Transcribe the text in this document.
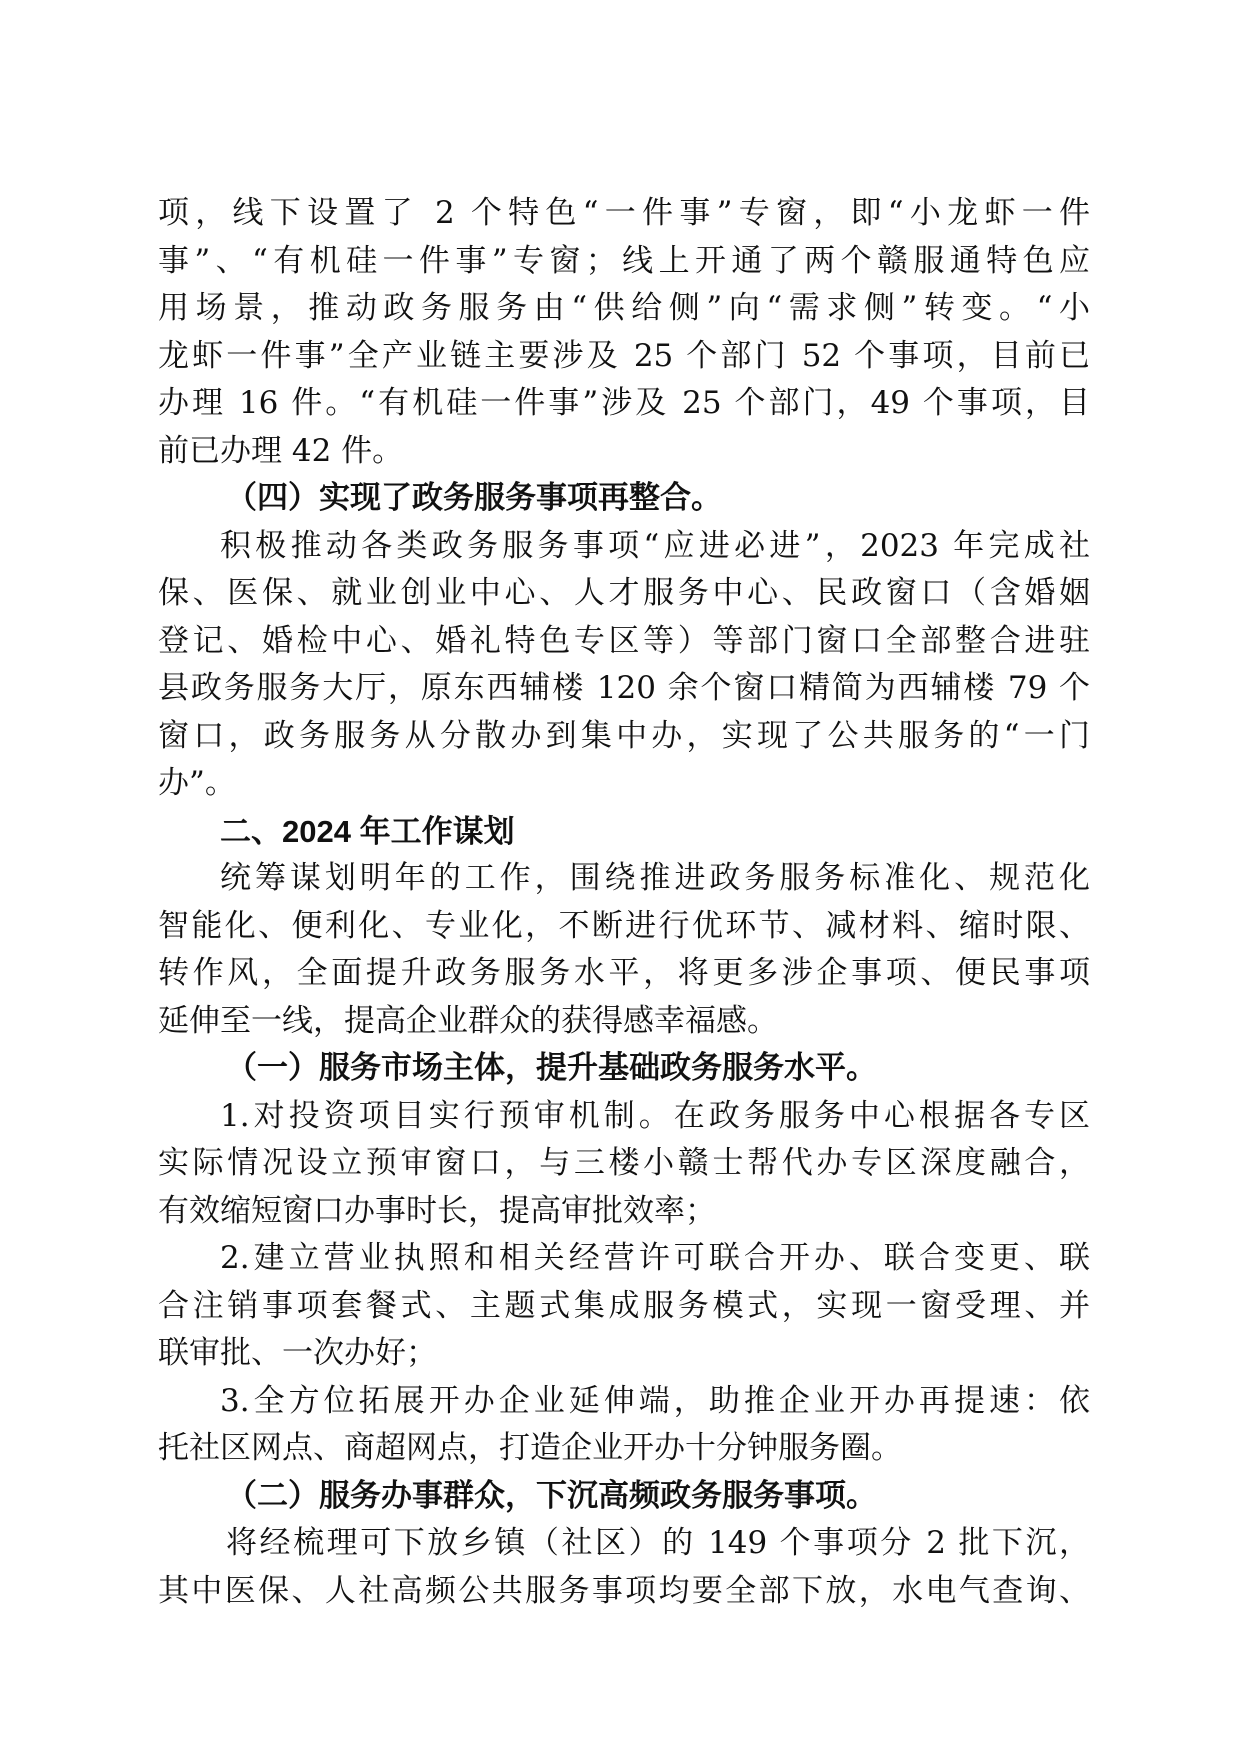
项，线下设置了 2 个特色“一件事”专窗，即“小龙虾一件

事”、“有机硅一件事”专窗；线上开通了两个赣服通特色应

用场景，推动政务服务由“供给侧”向“需求侧”转变。“小

龙虾一件事”全产业链主要涉及 25 个部门 52 个事项，目前已

办理 16 件。“有机硅一件事”涉及 25 个部门，49 个事项，目

前已办理 42 件。

（四）实现了政务服务事项再整合。

积极推动各类政务服务事项“应进必进”，2023 年完成社

保、医保、就业创业中心、人才服务中心、民政窗口（含婚姻

登记、婚检中心、婚礼特色专区等）等部门窗口全部整合进驻

县政务服务大厅，原东西辅楼 120 余个窗口精简为西辅楼 79 个

窗口，政务服务从分散办到集中办，实现了公共服务的“一门

办”。

二、2024 年工作谋划

统筹谋划明年的工作，围绕推进政务服务标准化、规范化

智能化、便利化、专业化，不断进行优环节、减材料、缩时限、

转作风，全面提升政务服务水平，将更多涉企事项、便民事项

延伸至一线，提高企业群众的获得感幸福感。

（一）服务市场主体，提升基础政务服务水平。

1.对投资项目实行预审机制。在政务服务中心根据各专区

实际情况设立预审窗口，与三楼小赣士帮代办专区深度融合，

有效缩短窗口办事时长，提高审批效率；

2.建立营业执照和相关经营许可联合开办、联合变更、联

合注销事项套餐式、主题式集成服务模式，实现一窗受理、并

联审批、一次办好；

3.全方位拓展开办企业延伸端，助推企业开办再提速：依

托社区网点、商超网点，打造企业开办十分钟服务圈。

（二）服务办事群众，下沉高频政务服务事项。

将经梳理可下放乡镇（社区）的 149 个事项分 2 批下沉，

其中医保、人社高频公共服务事项均要全部下放，水电气查询、
